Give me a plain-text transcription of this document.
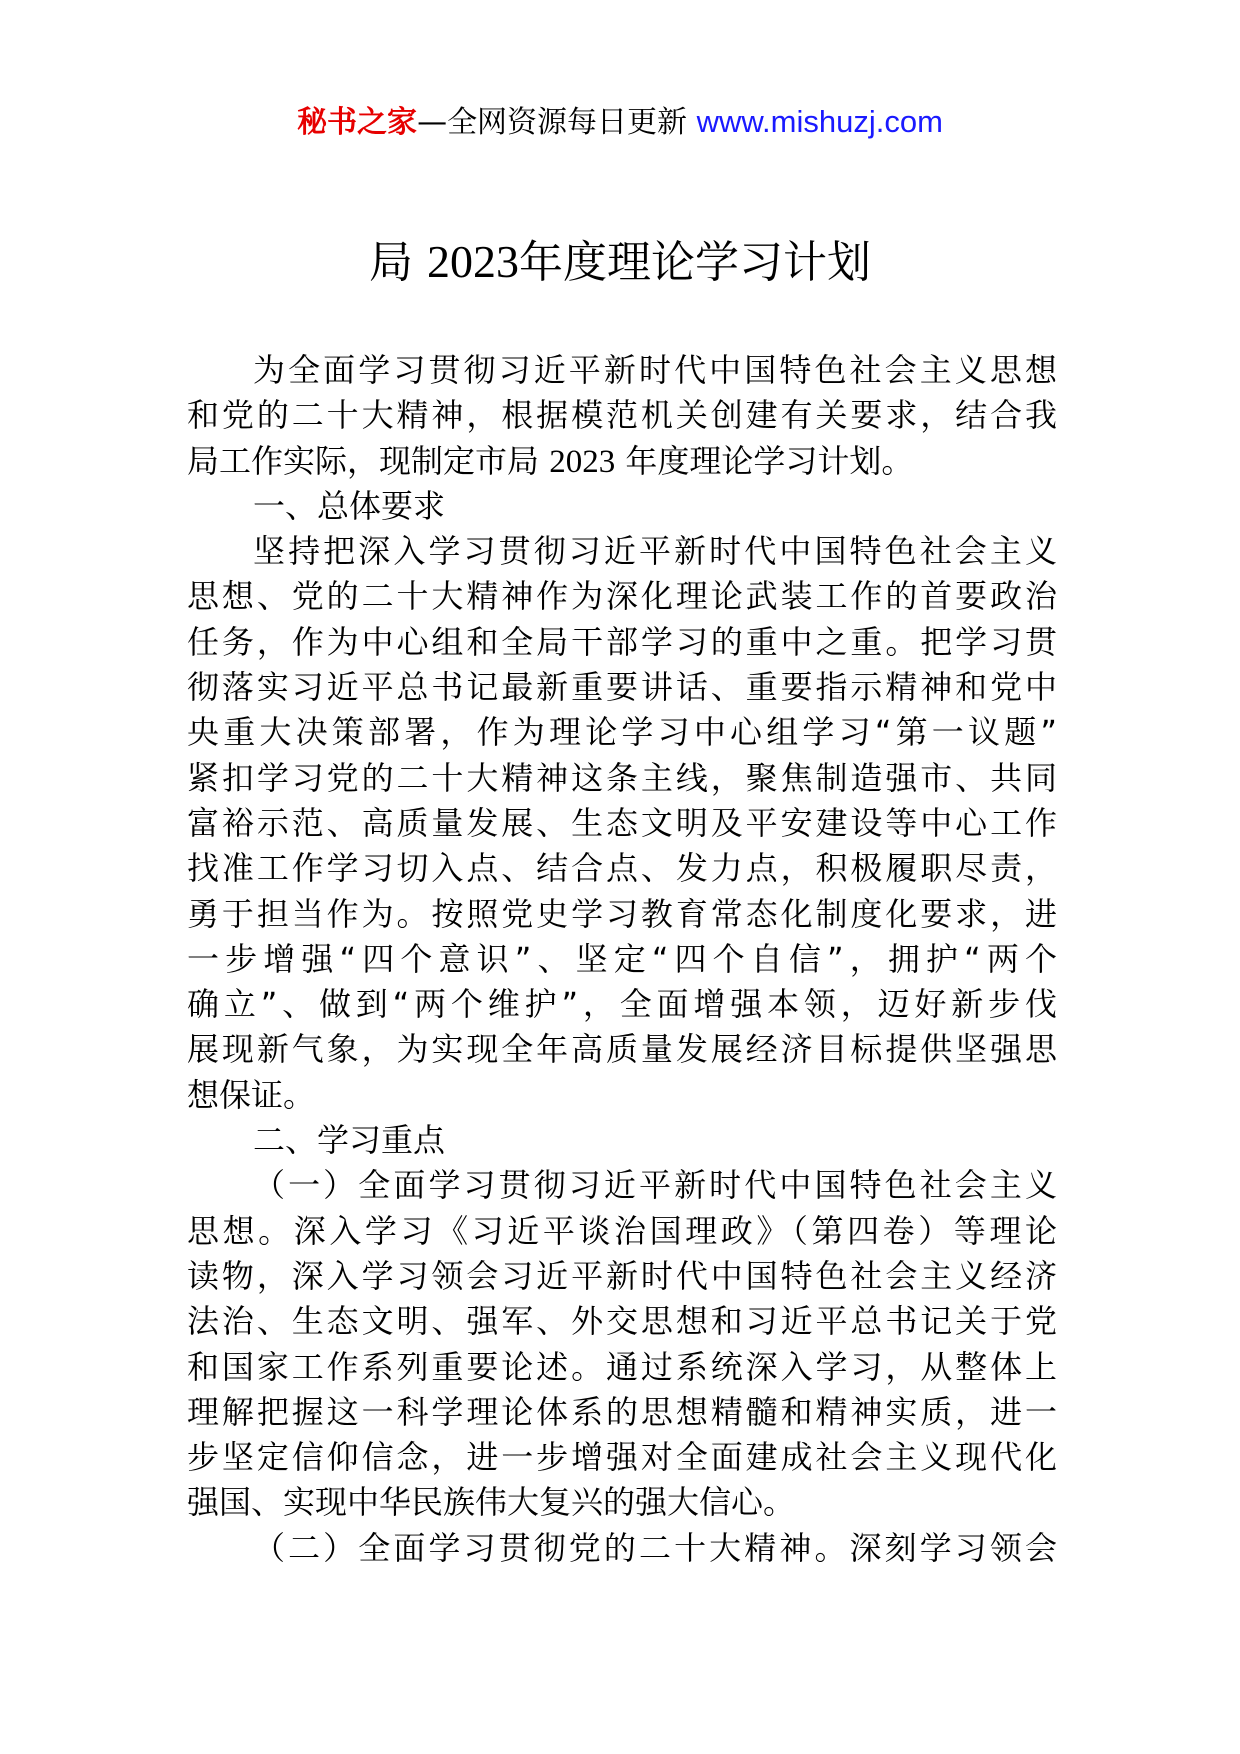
秘书之家—全网资源每日更新 www.mishuzj.com
局 2023年度理论学习计划
为全面学习贯彻习近平新时代中国特色社会主义思想
和党的二十大精神，根据模范机关创建有关要求，结合我
局工作实际，现制定市局 2023 年度理论学习计划。
一、总体要求
坚持把深入学习贯彻习近平新时代中国特色社会主义
思想、党的二十大精神作为深化理论武装工作的首要政治
任务，作为中心组和全局干部学习的重中之重。把学习贯
彻落实习近平总书记最新重要讲话、重要指示精神和党中
央重大决策部署，作为理论学习中心组学习“第一议题”
紧扣学习党的二十大精神这条主线，聚焦制造强市、共同
富裕示范、高质量发展、生态文明及平安建设等中心工作
找准工作学习切入点、结合点、发力点，积极履职尽责，
勇于担当作为。按照党史学习教育常态化制度化要求，进
一步增强“四个意识”、坚定“四个自信”，拥护“两个
确立”、做到“两个维护”，全面增强本领，迈好新步伐
展现新气象，为实现全年高质量发展经济目标提供坚强思
想保证。
二、学习重点
（一）全面学习贯彻习近平新时代中国特色社会主义
思想。深入学习《习近平谈治国理政》（第四卷）等理论
读物，深入学习领会习近平新时代中国特色社会主义经济
法治、生态文明、强军、外交思想和习近平总书记关于党
和国家工作系列重要论述。通过系统深入学习，从整体上
理解把握这一科学理论体系的思想精髓和精神实质，进一
步坚定信仰信念，进一步增强对全面建成社会主义现代化
强国、实现中华民族伟大复兴的强大信心。
（二）全面学习贯彻党的二十大精神。深刻学习领会
